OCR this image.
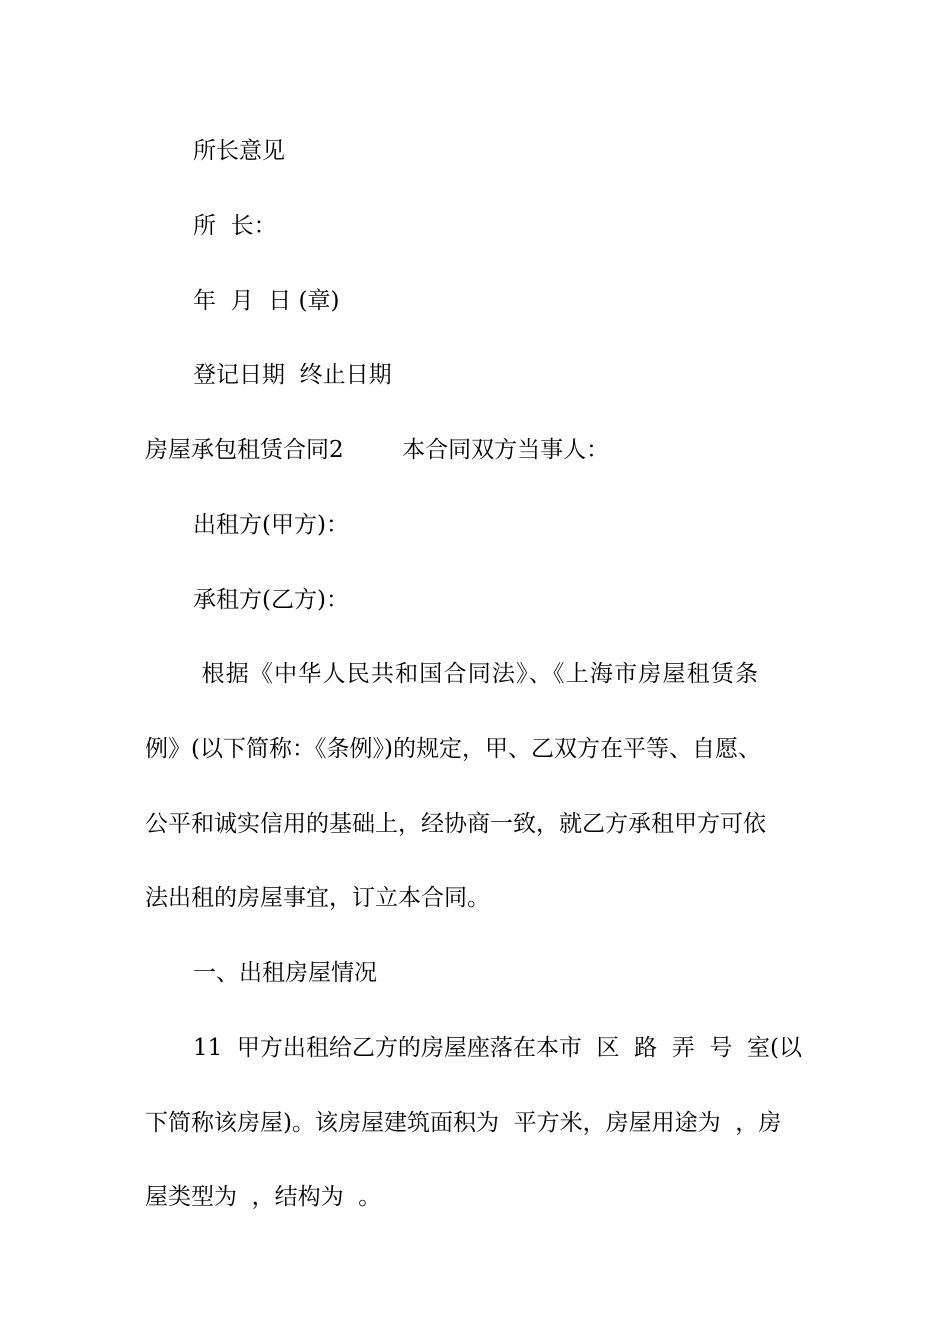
所长意见
所  长：
年  月  日 (章)
登记日期  终止日期
房屋承包租赁合同2        本合同双方当事人：
出租方(甲方)：
承租方(乙方)：
根据《中华人民共和国合同法》、《上海市房屋租赁条
例》(以下简称：《条例》)的规定，甲、乙双方在平等、自愿、
公平和诚实信用的基础上，经协商一致，就乙方承租甲方可依
法出租的房屋事宜，订立本合同。
一、出租房屋情况
11  甲方出租给乙方的房屋座落在本市  区  路  弄  号  室(以
下简称该房屋)。该房屋建筑面积为  平方米，房屋用途为  ，房
屋类型为  ，结构为  。
